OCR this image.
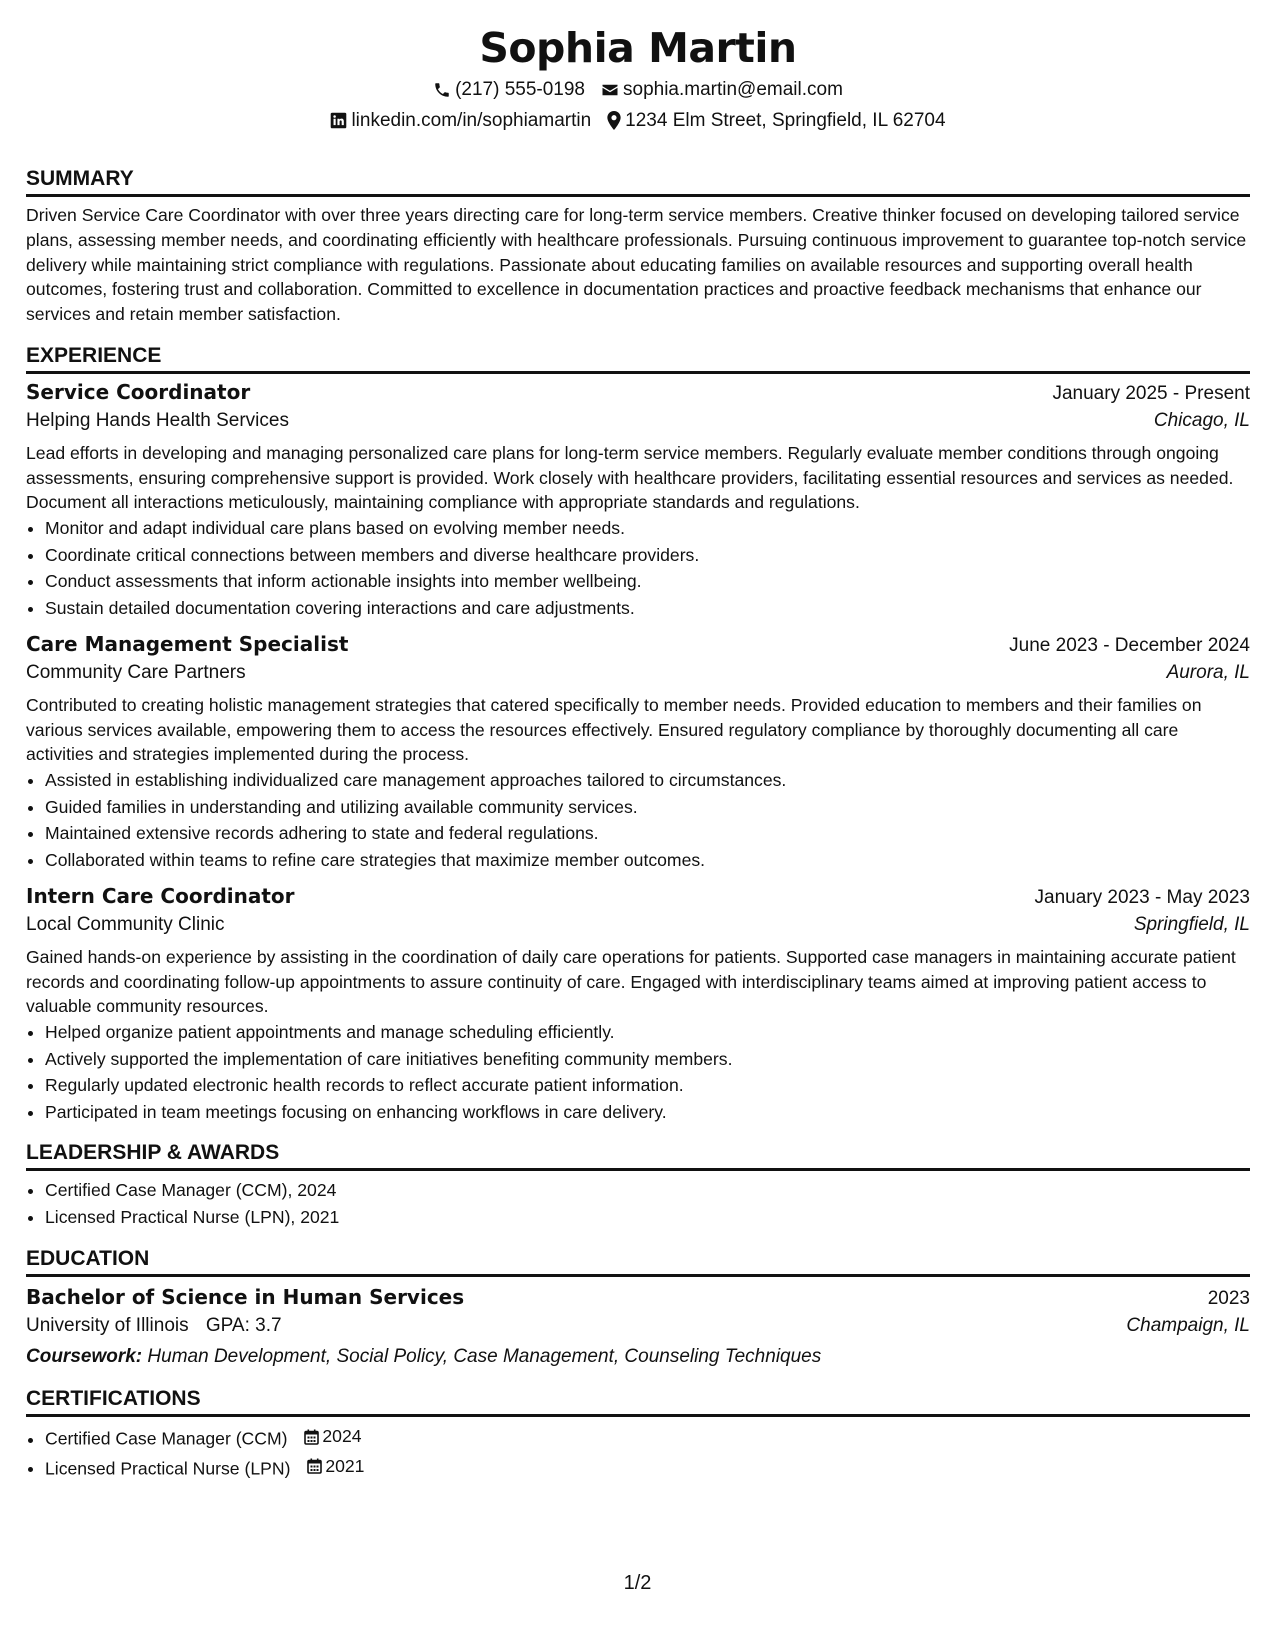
Sophia Martin
(217) 555-0198 sophia.martin@email.com
linkedin.com/in/sophiamartin 1234 Elm Street, Springfield, IL 62704
SUMMARY
Driven Service Care Coordinator with over three years directing care for long-term service members. Creative thinker focused on developing tailored service plans, assessing member needs, and coordinating efficiently with healthcare professionals. Pursuing continuous improvement to guarantee top-notch service delivery while maintaining strict compliance with regulations. Passionate about educating families on available resources and supporting overall health outcomes, fostering trust and collaboration. Committed to excellence in documentation practices and proactive feedback mechanisms that enhance our services and retain member satisfaction.
EXPERIENCE
Service Coordinator	January 2025 - Present
Helping Hands Health Services	Chicago, IL
Lead efforts in developing and managing personalized care plans for long-term service members. Regularly evaluate member conditions through ongoing assessments, ensuring comprehensive support is provided. Work closely with healthcare providers, facilitating essential resources and services as needed. Document all interactions meticulously, maintaining compliance with appropriate standards and regulations.
• Monitor and adapt individual care plans based on evolving member needs.
• Coordinate critical connections between members and diverse healthcare providers.
• Conduct assessments that inform actionable insights into member wellbeing.
• Sustain detailed documentation covering interactions and care adjustments.
Care Management Specialist	June 2023 - December 2024
Community Care Partners	Aurora, IL
Contributed to creating holistic management strategies that catered specifically to member needs. Provided education to members and their families on various services available, empowering them to access the resources effectively. Ensured regulatory compliance by thoroughly documenting all care activities and strategies implemented during the process.
• Assisted in establishing individualized care management approaches tailored to circumstances.
• Guided families in understanding and utilizing available community services.
• Maintained extensive records adhering to state and federal regulations.
• Collaborated within teams to refine care strategies that maximize member outcomes.
Intern Care Coordinator	January 2023 - May 2023
Local Community Clinic	Springfield, IL
Gained hands-on experience by assisting in the coordination of daily care operations for patients. Supported case managers in maintaining accurate patient records and coordinating follow-up appointments to assure continuity of care. Engaged with interdisciplinary teams aimed at improving patient access to valuable community resources.
• Helped organize patient appointments and manage scheduling efficiently.
• Actively supported the implementation of care initiatives benefiting community members.
• Regularly updated electronic health records to reflect accurate patient information.
• Participated in team meetings focusing on enhancing workflows in care delivery.
LEADERSHIP & AWARDS
• Certified Case Manager (CCM), 2024
• Licensed Practical Nurse (LPN), 2021
EDUCATION
Bachelor of Science in Human Services	2023
University of Illinois GPA: 3.7	Champaign, IL
Coursework: Human Development, Social Policy, Case Management, Counseling Techniques
CERTIFICATIONS
• Certified Case Manager (CCM) 2024
• Licensed Practical Nurse (LPN) 2021
1/2
